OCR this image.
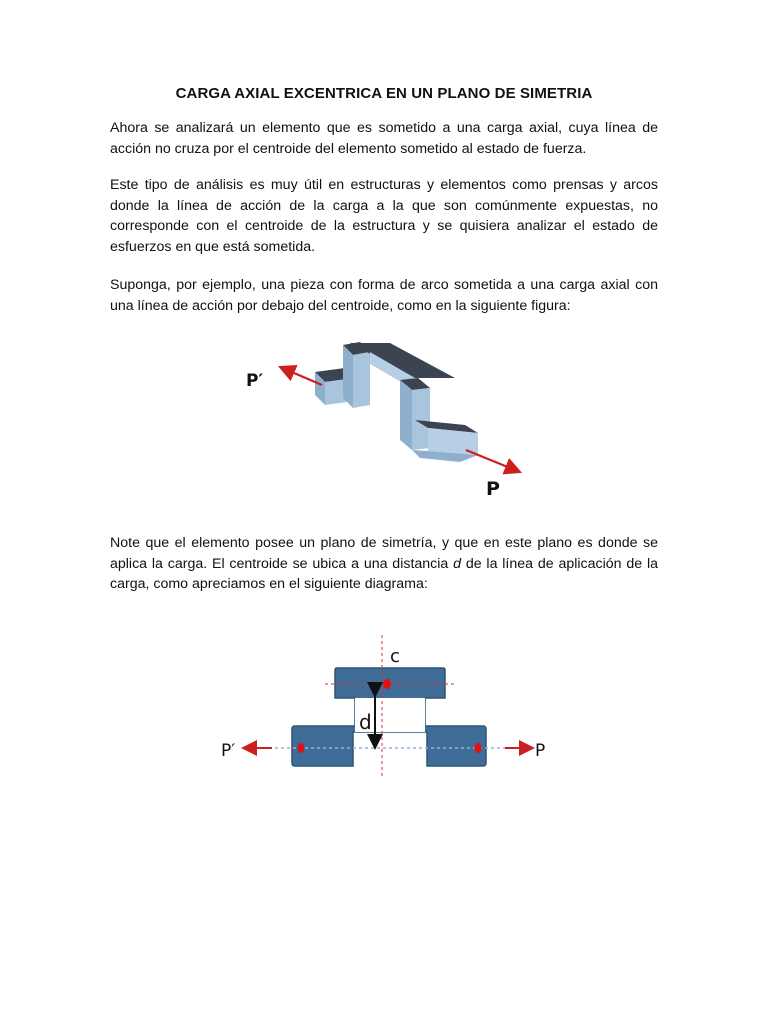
CARGA AXIAL EXCENTRICA EN UN PLANO DE SIMETRIA

Ahora se analizará un elemento que es sometido a una carga axial, cuya línea de acción no cruza por el centroide del elemento sometido al estado de fuerza.

Este tipo de análisis es muy útil en estructuras y elementos como prensas y arcos donde la línea de acción de la carga a la que son comúnmente expuestas, no corresponde con el centroide de la estructura y se quisiera analizar el estado de esfuerzos en que está sometida.

Suponga, por ejemplo, una pieza con forma de arco sometida a una carga axial con una línea de acción por debajo del centroide, como en la siguiente figura:

Note que el elemento posee un plano de simetría, y que en este plano es donde se aplica la carga. El centroide se ubica a una distancia d de la línea de aplicación de la carga, como apreciamos en el siguiente diagrama:

P′
P
c
d
P′	P
